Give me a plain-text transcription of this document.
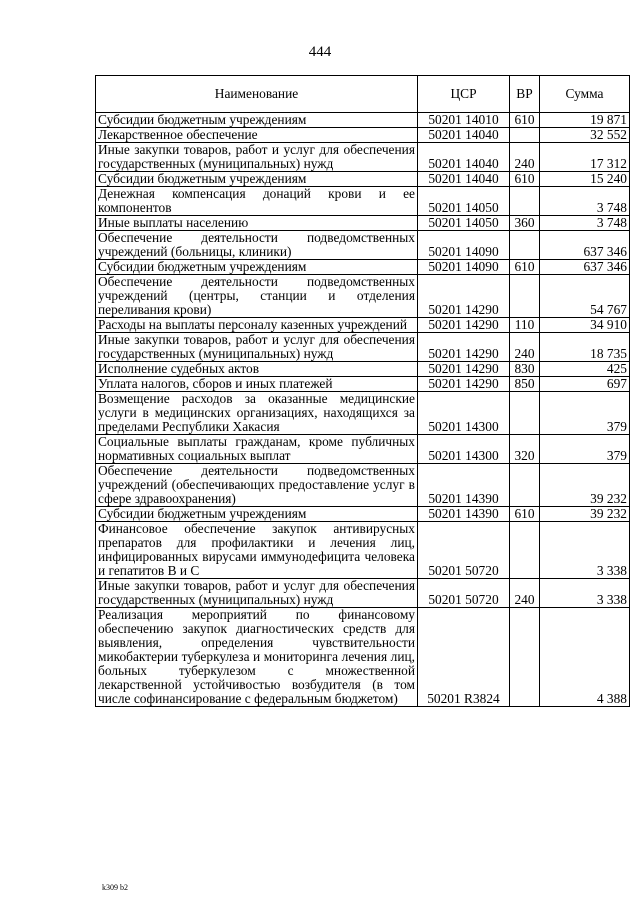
444
Наименование	ЦСР	ВР	Сумма
Субсидии бюджетным учреждениям	50201 14010	610	19 871
Лекарственное обеспечение	50201 14040		32 552
Иные закупки товаров, работ и услуг для обеспечения государственных (муниципальных) нужд	50201 14040	240	17 312
Субсидии бюджетным учреждениям	50201 14040	610	15 240
Денежная компенсация донаций крови и ее компонентов	50201 14050		3 748
Иные выплаты населению	50201 14050	360	3 748
Обеспечение деятельности подведомственных учреждений (больницы, клиники)	50201 14090		637 346
Субсидии бюджетным учреждениям	50201 14090	610	637 346
Обеспечение деятельности подведомственных учреждений (центры, станции и отделения переливания крови)	50201 14290		54 767
Расходы на выплаты персоналу казенных учреждений	50201 14290	110	34 910
Иные закупки товаров, работ и услуг для обеспечения государственных (муниципальных) нужд	50201 14290	240	18 735
Исполнение судебных актов	50201 14290	830	425
Уплата налогов, сборов и иных платежей	50201 14290	850	697
Возмещение расходов за оказанные медицинские услуги в медицинских организациях, находящихся за пределами Республики Хакасия	50201 14300		379
Социальные выплаты гражданам, кроме публичных нормативных социальных выплат	50201 14300	320	379
Обеспечение деятельности подведомственных учреждений (обеспечивающих предоставление услуг в сфере здравоохранения)	50201 14390		39 232
Субсидии бюджетным учреждениям	50201 14390	610	39 232
Финансовое обеспечение закупок антивирусных препаратов для профилактики и лечения лиц, инфицированных вирусами иммунодефицита человека и гепатитов В и С	50201 50720		3 338
Иные закупки товаров, работ и услуг для обеспечения государственных (муниципальных) нужд	50201 50720	240	3 338
Реализация мероприятий по финансовому обеспечению закупок диагностических средств для выявления, определения чувствительности микобактерии туберкулеза и мониторинга лечения лиц, больных туберкулезом с множественной лекарственной устойчивостью возбудителя (в том числе софинансирование с федеральным бюджетом)	50201 R3824		4 388
k309 b2
